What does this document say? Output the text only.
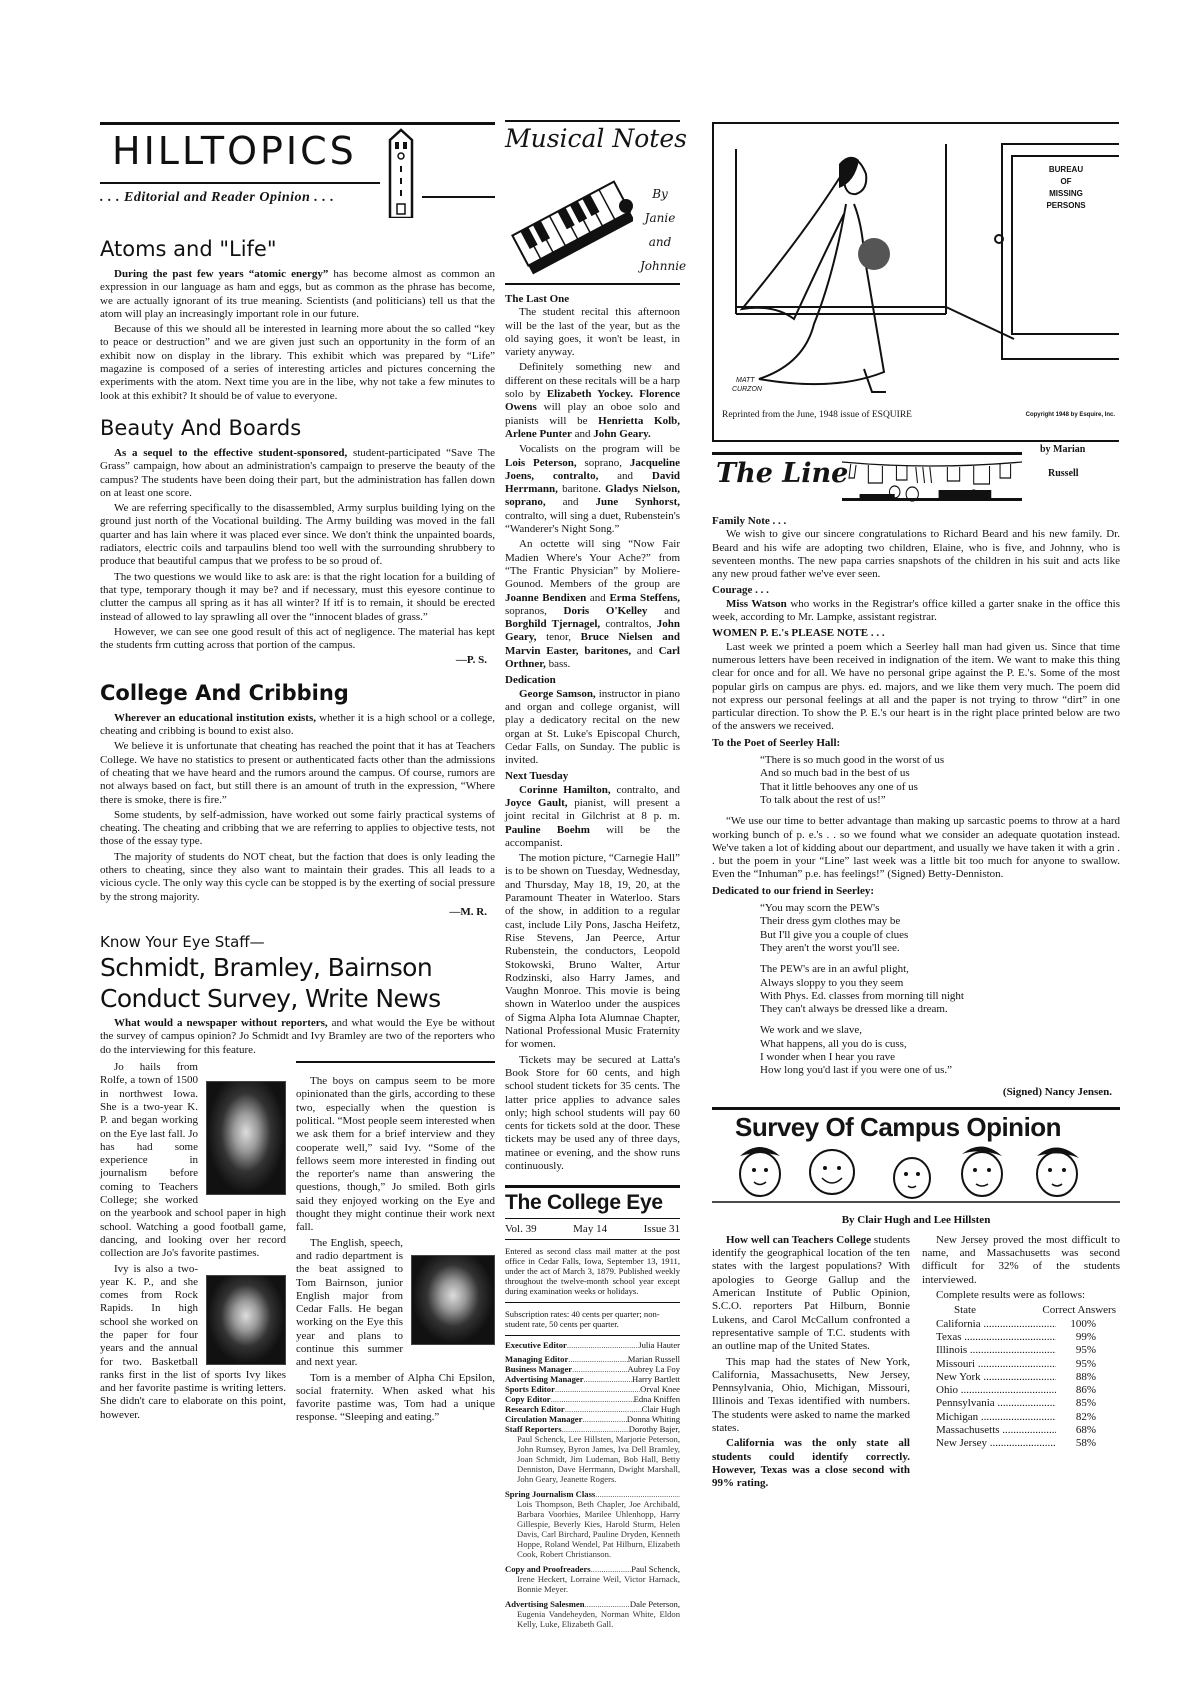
HILLTOPICS
. . . Editorial and Reader Opinion . . .
Atoms and "Life"

During the past few years “atomic energy” has become almost as common an expression in our language as ham and eggs, but as common as the phrase has become, we are actually ignorant of its true meaning. Scientists (and politicians) tell us that the atom will play an increasingly important role in our future.

Because of this we should all be interested in learning more about the so called “key to peace or destruction” and we are given just such an opportunity in the form of an exhibit now on display in the library. This exhibit which was prepared by “Life” magazine is composed of a series of interesting articles and pictures concerning the experiments with the atom. Next time you are in the libe, why not take a few minutes to look at this exhibit? It should be of value to everyone.

Beauty And Boards

As a sequel to the effective student-sponsored, student-participated “Save The Grass” campaign, how about an administration's campaign to preserve the beauty of the campus? The students have been doing their part, but the administration has fallen down on at least one score.

We are referring specifically to the disassembled, Army surplus building lying on the ground just north of the Vocational building. The Army building was moved in the fall quarter and has lain where it was placed ever since. We don't think the unpainted boards, radiators, electric coils and tarpaulins blend too well with the surrounding shrubbery to produce that beautiful campus that we profess to be so proud of.

The two questions we would like to ask are: is that the right location for a building of that type, temporary though it may be? and if necessary, must this eyesore continue to clutter the campus all spring as it has all winter? If itf is to remain, it should be erected instead of allowed to lay sprawling all over the “innocent blades of grass.”

However, we can see one good result of this act of negligence. The material has kept the students frm cutting across that portion of the campus.

—P. S.

College And Cribbing

Wherever an educational institution exists, whether it is a high school or a college, cheating and cribbing is bound to exist also.

We believe it is unfortunate that cheating has reached the point that it has at Teachers College. We have no statistics to present or authenticated facts other than the admissions of cheating that we have heard and the rumors around the campus. Of course, rumors are not always based on fact, but still there is an amount of truth in the expression, “Where there is smoke, there is fire.”

Some students, by self-admission, have worked out some fairly practical systems of cheating. The cheating and cribbing that we are referring to applies to objective tests, not those of the essay type.

The majority of students do NOT cheat, but the faction that does is only leading the others to cheating, since they also want to maintain their grades. This all leads to a vicious cycle. The only way this cycle can be stopped is by the exerting of social pressure by the strong majority.

—M. R.

Know Your Eye Staff—
Schmidt, Bramley, Bairnson
Conduct Survey, Write News

What would a newspaper without reporters, and what would the Eye be without the survey of campus opinion? Jo Schmidt and Ivy Bramley are two of the reporters who do the interviewing for this feature.

Jo hails from Rolfe, a town of 1500 in northwest Iowa. She is a two-year K. P. and began working on the Eye last fall. Jo has had some experience in journalism before coming to Teachers College; she worked on the yearbook and school paper in high school. Watching a good football game, dancing, and looking over her record collection are Jo's favorite pastimes.

Ivy is also a two-year K. P., and she comes from Rock Rapids. In high school she worked on the paper for four years and the annual for two. Basketball ranks first in the list of sports Ivy likes and her favorite pastime is writing letters. She didn't care to elaborate on this point, however.

The boys on campus seem to be more opinionated than the girls, according to these two, especially when the question is political. “Most people seem interested when we ask them for a brief interview and they cooperate well,” said Ivy. “Some of the fellows seem more interested in finding out the reporter's name than answering the questions, though,” Jo smiled. Both girls said they enjoyed working on the Eye and thought they might continue their work next fall.

The English, speech, and radio department is the beat assigned to Tom Bairnson, junior English major from Cedar Falls. He began working on the Eye this year and plans to continue this summer and next year.

Tom is a member of Alpha Chi Epsilon, social fraternity. When asked what his favorite pastime was, Tom had a unique response. “Sleeping and eating.”

Musical Notes
By
Janie
and
Johnnie

The Last One

The student recital this afternoon will be the last of the year, but as the old saying goes, it won't be least, in variety anyway.

Definitely something new and different on these recitals will be a harp solo by Elizabeth Yockey. Florence Owens will play an oboe solo and pianists will be Henrietta Kolb, Arlene Punter and John Geary.

Vocalists on the program will be Lois Peterson, soprano, Jacqueline Joens, contralto, and David Herrmann, baritone. Gladys Nielson, soprano, and June Synhorst, contralto, will sing a duet, Rubenstein's “Wanderer's Night Song.”

An octette will sing “Now Fair Madien Where's Your Ache?” from “The Frantic Physician” by Moliere-Gounod. Members of the group are Joanne Bendixen and Erma Steffens, sopranos, Doris O'Kelley and Borghild Tjernagel, contraltos, John Geary, tenor, Bruce Nielsen and Marvin Easter, baritones, and Carl Orthner, bass.

Dedication

George Samson, instructor in piano and organ and college organist, will play a dedicatory recital on the new organ at St. Luke's Episcopal Church, Cedar Falls, on Sunday. The public is invited.

Next Tuesday

Corinne Hamilton, contralto, and Joyce Gault, pianist, will present a joint recital in Gilchrist at 8 p. m. Pauline Boehm will be the accompanist.

The motion picture, “Carnegie Hall” is to be shown on Tuesday, Wednesday, and Thursday, May 18, 19, 20, at the Paramount Theater in Waterloo. Stars of the show, in addition to a regular cast, include Lily Pons, Jascha Heifetz, Rise Stevens, Jan Peerce, Artur Rubenstein, the conductors, Leopold Stokowski, Bruno Walter, Artur Rodzinski, also Harry James, and Vaughn Monroe. This movie is being shown in Waterloo under the auspices of Sigma Alpha Iota Alumnae Chapter, National Professional Music Fraternity for women.

Tickets may be secured at Latta's Book Store for 60 cents, and high school student tickets for 35 cents. The latter price applies to advance sales only; high school students will pay 60 cents for tickets sold at the door. These tickets may be used any of three days, matinee or evening, and the show runs continuously.

The College Eye
Vol. 39	May 14	Issue 31
Entered as second class mail matter at the post office in Cedar Falls, Iowa, September 13, 1911, under the act of March 3, 1879. Published weekly throughout the twelve-month school year except during examination weeks or holidays.
Subscription rates: 40 cents per quarter; non-student rate, 50 cents per quarter.
Executive Editor .....	Julia Hauter
Managing Editor .....	Marian Russell
Business Manager .....	Aubrey La Foy
Advertising Manager .....	Harry Bartlett
Sports Editor .....	Orval Knee
Copy Editor .....	Edna Kniffen
Research Editor .....	Clair Hugh
Circulation Manager .....	Donna Whiting
Staff Reporters .....	Dorothy Bajer,
Paul Schenck, Lee Hillsten, Marjorie Peterson, John Rumsey, Byron James, Iva Dell Bramley, Joan Schmidt, Jim Ludeman, Bob Hall, Betty Denniston, Dave Herrmann, Dwight Marshall, John Geary, Jeanette Rogers.
Spring Journalism Class
.....
Lois Thompson, Beth Chapler, Joe Archibald, Barbara Voorhies, Marilee Uhlenhopp, Harry Gillespie, Beverly Kies, Harold Sturm, Helen Davis, Carl Birchard, Pauline Dryden, Kenneth Hoppe, Roland Wendel, Pat Hilburn, Elizabeth Cook, Robert Christianson.
Copy and Proofreaders .....	Paul Schenck,
Irene Heckert, Lorraine Weil, Victor Harnack, Bonnie Meyer.
Advertising Salesmen .....	Dale Peterson,
Eugenia Vandeheyden, Norman White, Eldon Kelly, Luke, Elizabeth Gall.
BUREAU
OF
MISSING
PERSONS
MATT
CURZON
Reprinted from the June, 1948 issue of ESQUIRE	Copyright 1948 by Esquire, Inc.
The Line
by Marian
Russell

Family Note . . .

We wish to give our sincere congratulations to Richard Beard and his new family. Dr. Beard and his wife are adopting two children, Elaine, who is five, and Johnny, who is seventeen months. The new papa carries snapshots of the children in his suit and acts like any new proud father we've ever seen.

Courage . . .

Miss Watson who works in the Registrar's office killed a garter snake in the office this week, according to Mr. Lampke, assistant registrar.

WOMEN P. E.'s PLEASE NOTE . . .

Last week we printed a poem which a Seerley hall man had given us. Since that time numerous letters have been received in indignation of the item. We want to make this thing clear for once and for all. We have no personal gripe against the P. E.'s. Some of the most popular girls on campus are phys. ed. majors, and we like them very much. The poem did not express our personal feelings at all and the paper is not trying to throw “dirt” in one particular direction. To show the P. E.'s our heart is in the right place printed below are two of the answers we received.

To the Poet of Seerley Hall:

“There is so much good in the worst of us
And so much bad in the best of us
That it little behooves any one of us
To talk about the rest of us!”

“We use our time to better advantage than making up sarcastic poems to throw at a hard working bunch of p. e.'s . . so we found what we consider an adequate quotation instead. We've taken a lot of kidding about our department, and usually we have taken it with a grin . . but the poem in your “Line” last week was a little bit too much for anyone to swallow. Even the “Inhuman” p.e. has feelings!” (Signed) Betty-Denniston.

Dedicated to our friend in Seerley:

“You may scorn the PEW's
Their dress gym clothes may be
But I'll give you a couple of clues
They aren't the worst you'll see.

The PEW's are in an awful plight,
Always sloppy to you they seem
With Phys. Ed. classes from morning till night
They can't always be dressed like a dream.

We work and we slave,
What happens, all you do is cuss,
I wonder when I hear you rave
How long you'd last if you were one of us.”

(Signed) Nancy Jensen.

Survey Of Campus Opinion
By Clair Hugh and Lee Hillsten

How well can Teachers College students identify the geographical location of the ten states with the largest populations? With apologies to George Gallup and the American Institute of Public Opinion, S.C.O. reporters Pat Hilburn, Bonnie Lukens, and Carol McCallum confronted a representative sample of T.C. students with an outline map of the United States.

This map had the states of New York, California, Massachusetts, New Jersey, Pennsylvania, Ohio, Michigan, Missouri, Illinois and Texas identified with numbers. The students were asked to name the marked states.

California was the only state all students could identify correctly. However, Texas was a close second with 99% rating.

New Jersey proved the most difficult to name, and Massachusetts was second difficult for 32% of the students interviewed.

Complete results were as follows:

State	Correct Answers
California .....	100%
Texas .....	99%
Illinois .....	95%
Missouri .....	95%
New York .....	88%
Ohio .....	86%
Pennsylvania .....	85%
Michigan .....	82%
Massachusetts .....	68%
New Jersey .....	58%
